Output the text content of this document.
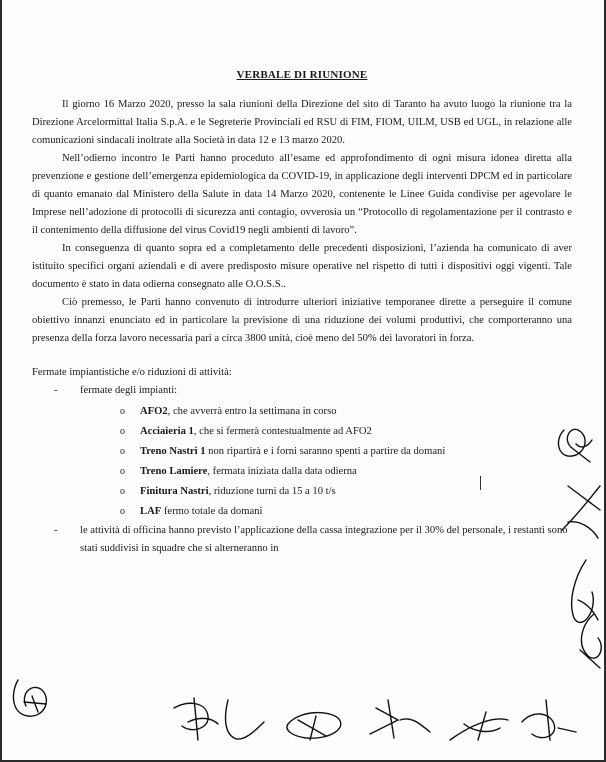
VERBALE DI RIUNIONE

Il giorno 16 Marzo 2020, presso la sala riunioni della Direzione del sito di Taranto ha avuto luogo la riunione tra la Direzione Arcelormittal Italia S.p.A. e le Segreterie Provinciali ed RSU di FIM, FIOM, UILM, USB ed UGL, in relazione alle comunicazioni sindacali inoltrate alla Società in data 12 e 13 marzo 2020.

Nell’odierno incontro le Parti hanno proceduto all’esame ed approfondimento di ogni misura idonea diretta alla prevenzione e gestione dell’emergenza epidemiologica da COVID-19, in applicazione degli interventi DPCM ed in particolare di quanto emanato dal Ministero della Salute in data 14 Marzo 2020, contenente le Linee Guida condivise per agevolare le Imprese nell’adozione di protocolli di sicurezza anti contagio, ovverosia un “Protocollo di regolamentazione per il contrasto e il contenimento della diffusione del virus Covid19 negli ambienti di lavoro”.

In conseguenza di quanto sopra ed a completamento delle precedenti disposizioni, l’azienda ha comunicato di aver istituito specifici organi aziendali e di avere predisposto misure operative nel rispetto di tutti i dispositivi oggi vigenti. Tale documento è stato in data odierna consegnato alle O.O.S.S..

Ciò premesso, le Parti hanno convenuto di introdurre ulteriori iniziative temporanee dirette a perseguire il comune obiettivo innanzi enunciato ed in particolare la previsione di una riduzione dei volumi produttivi, che comporteranno una presenza della forza lavoro necessaria pari a circa 3800 unità, cioè meno del 50% dei lavoratori in forza.

Fermate impiantistiche e/o riduzioni di attività:

- fermate degli impianti:
o AFO2, che avverrà entro la settimana in corso
o Acciaieria 1, che si fermerà contestualmente ad AFO2
o Treno Nastri 1 non ripartirà e i forni saranno spenti a partire da domani
o Treno Lamiere, fermata iniziata dalla data odierna
o Finitura Nastri, riduzione turni da 15 a 10 t/s
o LAF fermo totale da domani
- le attività di officina hanno previsto l’applicazione della cassa integrazione per il 30% del personale, i restanti sono stati suddivisi in squadre che si alterneranno in
